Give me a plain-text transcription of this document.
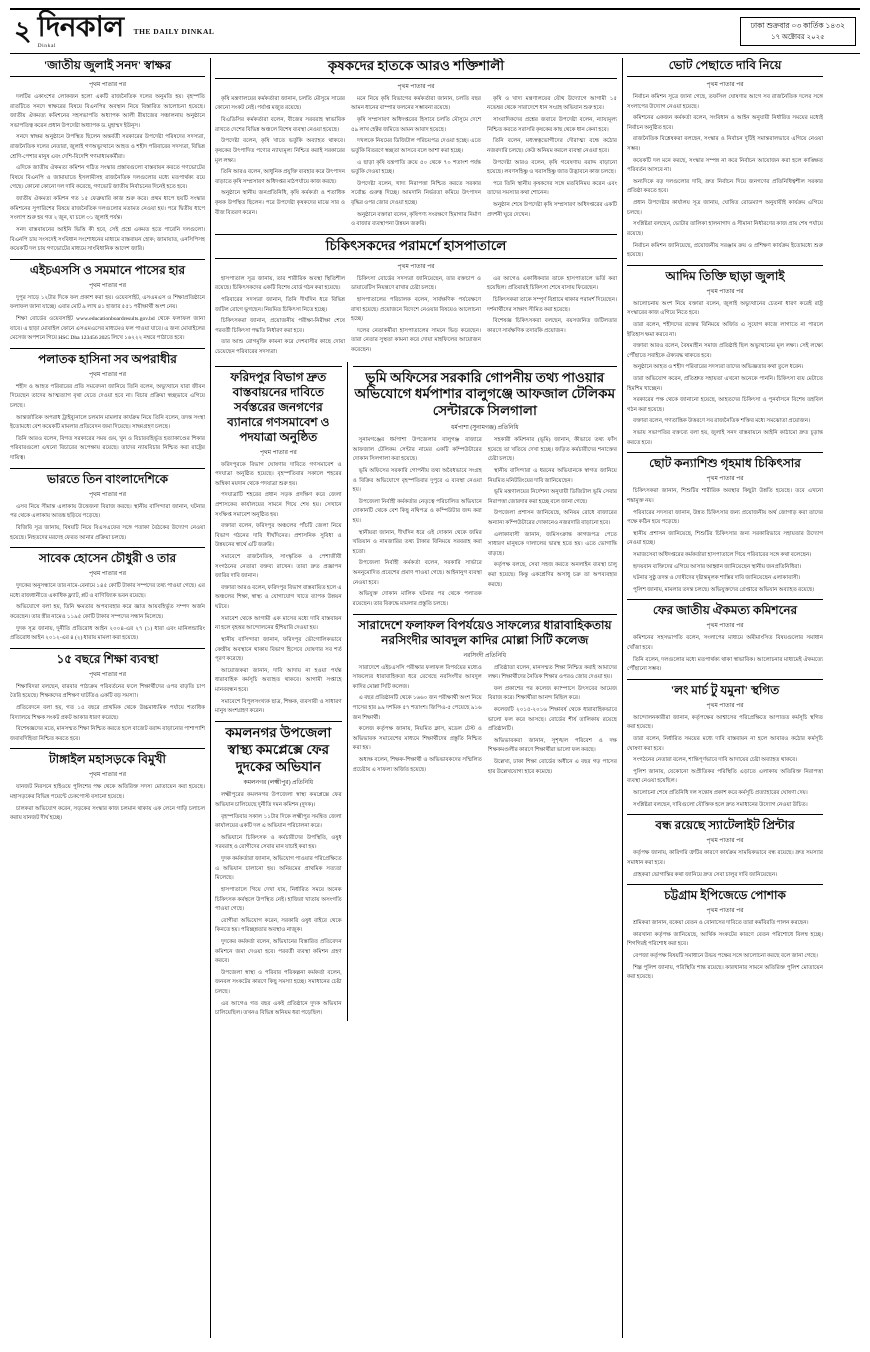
২ দিনকাল
Dinkal
THE DAILY DINKAL
ঢাকা শুক্রবার ০৩ কার্তিক ১৪৩২
১৭ অক্টোবর ২০২৫
'জাতীয় জুলাই সনদ' স্বাক্ষর
পৃথম পাতার পর

দলটির একাংশের লোকজন হলো একটি রাজনৈতিক দলের অনুমতি হয়। বৃহস্পতি রাতটিতে সনদে স্বাক্ষরের বিষয়ে বিএনপির অবস্থান নিয়ে বিস্তারিত আলোচনা হয়েছে। জাতীয় ঐকমত্য কমিশনের সহসভাপতি অধ্যাপক আলী রীয়াজের সঞ্চালনায় অনুষ্ঠানে সভাপতিত্ব করেন প্রধান উপদেষ্টা অধ্যাপক ড. মুহাম্মদ ইউনূস।

সনদে স্বাক্ষর অনুষ্ঠানে উপস্থিত ছিলেন অন্তর্বর্তী সরকারের উপদেষ্টা পরিষদের সদস্যরা, রাজনৈতিক দলের নেতারা, জুলাই গণঅভ্যুত্থানে আহত ও শহীদ পরিবারের সদস্যরা, বিভিন্ন শ্রেণি-পেশার মানুষ এবং দেশি-বিদেশি গণমাধ্যমকর্মীরা।

এদিকে জাতীয় ঐকমত্য কমিশন গঠিত সংস্কার প্রস্তাবগুলো বাস্তবায়ন করতে গণভোটের বিষয়ে বিএনপি ও জামায়াতে ইসলামীসহ রাজনৈতিক দলগুলোর মধ্যে মতপার্থক্য রয়ে গেছে। কোনো কোনো দল দাবি করেছে, গণভোট জাতীয় নির্বাচনের দিনেই হতে হবে।

জাতীয় ঐকমত্য কমিশন গত ১৫ ফেব্রুয়ারি কাজ শুরু করে। প্রথম ধাপে ছয়টি সংস্কার কমিশনের সুপারিশের বিষয়ে রাজনৈতিক দলগুলোর মতামত নেওয়া হয়। পরে দ্বিতীয় ধাপে সংলাপ শুরু হয় গত ২ জুন, যা চলে ৩১ জুলাই পর্যন্ত।

সনদ বাস্তবায়নের আইনি ভিত্তি কী হবে, সেই প্রশ্নে একমত হতে পারেনি দলগুলো। বিএনপি চায় সংসদেই সংবিধান সংশোধনের মাধ্যমে বাস্তবায়ন হোক; জামায়াত, এনসিপিসহ কয়েকটি দল চায় গণভোটের মাধ্যমে সাংবিধানিক আদেশ জারি।

এইচএসসি ও সমমানে পাসের হার
পৃথম পাতার পর

দুপুর সাড়ে ১২টার দিকে ফল প্রকাশ করা হয়। ওয়েবসাইট, এসএমএস ও শিক্ষাপ্রতিষ্ঠানে ফলাফল জানা যাচ্ছে। এবার মোট ৯ লাখ ৪১ হাজার ৫৫১ পরীক্ষার্থী অংশ নেয়।

শিক্ষা বোর্ডের ওয়েবসাইট www.educationboardresults.gov.bd থেকে ফলাফল জানা যাবে। এ ছাড়া মোবাইল ফোনে এসএমএসের মাধ্যমেও ফল পাওয়া যাবে। এ জন্য মোবাইলের মেসেজ অপশনে গিয়ে HSC Dha 123456 2025 লিখে ১৬২২২ নম্বরে পাঠাতে হবে।

পলাতক হাসিনা সব অপরাধীর
পৃথম পাতার পর

শহীদ ও আহত পরিবারের প্রতি সমবেদনা জানিয়ে তিনি বলেন, অভ্যুত্থানে যারা জীবন দিয়েছেন তাদের আত্মত্যাগ বৃথা যেতে দেওয়া হবে না। বিচার প্রক্রিয়া স্বচ্ছভাবে এগিয়ে চলছে।

আন্তর্জাতিক অপরাধ ট্রাইব্যুনালে চলমান মামলার কার্যক্রম নিয়ে তিনি বলেন, তদন্ত সংস্থা ইতোমধ্যে বেশ কয়েকটি মামলার প্রতিবেদন জমা দিয়েছে। সাক্ষ্যগ্রহণ চলছে।

তিনি আরও বলেন, বিগত সরকারের সময় গুম, খুন ও বিচারবহির্ভূত হত্যাকাণ্ডের শিকার পরিবারগুলো এখনো বিচারের অপেক্ষায় রয়েছে। তাদের ন্যায়বিচার নিশ্চিত করা রাষ্ট্রের দায়িত্ব।

ভারতে তিন বাংলাদেশিকে
পৃথম পাতার পর

এসব নিয়ে সীমান্ত এলাকায় উত্তেজনা বিরাজ করছে। স্থানীয় বাসিন্দারা জানান, ঘটনার পর থেকে এলাকায় আতঙ্ক ছড়িয়ে পড়েছে।

বিজিবি সূত্র জানায়, বিষয়টি নিয়ে বিএসএফের সঙ্গে পতাকা বৈঠকের উদ্যোগ নেওয়া হয়েছে। নিহতদের মরদেহ ফেরত আনার প্রক্রিয়া চলছে।

সাবেক হোসেন চৌধুরী ও তার
পৃথম পাতার পর

দুদকের অনুসন্ধানে তার নামে-বেনামে ১৪৫ কোটি টাকার সম্পদের তথ্য পাওয়া গেছে। এর মধ্যে রাজধানীতে একাধিক ফ্ল্যাট, প্লট ও বাণিজ্যিক ভবন রয়েছে।

অভিযোগে বলা হয়, তিনি ক্ষমতার অপব্যবহার করে জ্ঞাত আয়বহির্ভূত সম্পদ অর্জন করেছেন। তার স্ত্রীর নামেও ১১৯৫ কোটি টাকার সম্পদের সন্ধান মিলেছে।

দুদক সূত্র জানায়, দুর্নীতি প্রতিরোধ আইন ২০০৪-এর ২৭ (১) ধারা এবং মানিলন্ডারিং প্রতিরোধ আইন ২০১২-এর ৪ (২) ধারায় মামলা করা হয়েছে।

১৫ বছরে শিক্ষা ব্যবস্থা
পৃথম পাতার পর

শিক্ষাবিদরা বলছেন, বারবার পাঠ্যক্রম পরিবর্তনের ফলে শিক্ষার্থীদের ওপর বাড়তি চাপ তৈরি হয়েছে। শিক্ষকদের প্রশিক্ষণ ঘাটতিও একটি বড় সমস্যা।

প্রতিবেদনে বলা হয়, গত ১৫ বছরে প্রাথমিক থেকে উচ্চমাধ্যমিক পর্যায়ে শতাধিক বিদ্যালয়ে শিক্ষক সংকট প্রকট আকার ধারণ করেছে।

বিশেষজ্ঞদের মতে, মানসম্মত শিক্ষা নিশ্চিত করতে হলে বাজেট বরাদ্দ বাড়ানোর পাশাপাশি জবাবদিহিতা নিশ্চিত করতে হবে।

টাঙ্গাইল মহাসড়কে বিমুখী
পৃথম পাতার পর

যানজট নিরসনে হাইওয়ে পুলিশের পক্ষ থেকে অতিরিক্ত সদস্য মোতায়েন করা হয়েছে। মহাসড়কের বিভিন্ন পয়েন্টে চেকপোস্ট বসানো হয়েছে।

চালকরা অভিযোগ করেন, সড়কের সংস্কার কাজ চলমান থাকায় এক লেনে গাড়ি চলাচল করায় যানজট দীর্ঘ হচ্ছে।

কৃষকদের হাতকে আরও শক্তিশালী
পৃথম পাতার পর

কৃষি মন্ত্রণালয়ের কর্মকর্তারা জানান, চলতি মৌসুমে সারের কোনো সংকট নেই। পর্যাপ্ত মজুত রয়েছে।

বিএডিসির কর্মকর্তারা বলেন, বীজের সরবরাহ স্বাভাবিক রাখতে দেশের বিভিন্ন অঞ্চলে বিশেষ ব্যবস্থা নেওয়া হয়েছে।

উপদেষ্টা বলেন, কৃষি খাতে ভর্তুকি অব্যাহত থাকবে। কৃষকের উৎপাদিত পণ্যের ন্যায্যমূল্য নিশ্চিত করাই সরকারের মূল লক্ষ্য।

তিনি আরও বলেন, আধুনিক প্রযুক্তি ব্যবহার করে উৎপাদন বাড়াতে কৃষি সম্প্রসারণ অধিদপ্তর মাঠপর্যায়ে কাজ করছে।

অনুষ্ঠানে স্থানীয় জনপ্রতিনিধি, কৃষি কর্মকর্তা ও শতাধিক কৃষক উপস্থিত ছিলেন। পরে উপদেষ্টা কৃষকদের মাঝে সার ও বীজ বিতরণ করেন।

মনে নিয়ে কৃষি বিভাগের কর্মকর্তারা জানান, চলতি বছর আমন ধানের বাম্পার ফলনের সম্ভাবনা রয়েছে।

কৃষি সম্প্রসারণ অধিদপ্তরের হিসাবে চলতি মৌসুমে দেশে ৫৯ লাখ হেক্টর জমিতে আমন আবাদ হয়েছে।

দখলকে নিয়মের ডিজিটাল পরিচয়পত্র দেওয়া হচ্ছে। এতে ভর্তুকি বিতরণে স্বচ্ছতা আসবে বলে আশা করা হচ্ছে।

এ ছাড়া কৃষি যন্ত্রপাতি ক্রয়ে ৫০ থেকে ৭০ শতাংশ পর্যন্ত ভর্তুকি দেওয়া হচ্ছে।

উপদেষ্টা বলেন, খাদ্য নিরাপত্তা নিশ্চিত করতে সরকার সর্বোচ্চ গুরুত্ব দিচ্ছে। আমদানি নির্ভরতা কমিয়ে উৎপাদন বৃদ্ধির ওপর জোর দেওয়া হচ্ছে।

অনুষ্ঠানে বক্তারা বলেন, কৃষিপণ্য সংরক্ষণে হিমাগার নির্মাণ ও বাজার ব্যবস্থাপনা উন্নয়ন জরুরি।

কৃষি ও খাদ্য মন্ত্রণালয়ের যৌথ উদ্যোগে আগামী ১৫ নভেম্বর থেকে সারাদেশে ধান সংগ্রহ অভিযান শুরু হবে।

সাংবাদিকদের প্রশ্নের জবাবে উপদেষ্টা বলেন, ন্যায্যমূল্য নিশ্চিত করতে সরাসরি কৃষকের কাছ থেকে ধান কেনা হবে।

তিনি বলেন, মধ্যস্বত্বভোগীদের দৌরাত্ম্য বন্ধে কঠোর নজরদারি চলছে। কেউ অনিয়ম করলে ব্যবস্থা নেওয়া হবে।

উপদেষ্টা আরও বলেন, কৃষি গবেষণায় বরাদ্দ বাড়ানো হয়েছে। লবণসহিষ্ণু ও খরাসহিষ্ণু জাত উদ্ভাবনে কাজ চলছে।

পরে তিনি স্থানীয় কৃষকদের সঙ্গে মতবিনিময় করেন এবং তাদের সমস্যার কথা শোনেন।

অনুষ্ঠান শেষে উপদেষ্টা কৃষি সম্প্রসারণ অধিদপ্তরের একটি প্রদর্শনী ঘুরে দেখেন।

চিকিৎসকদের পরামর্শে হাসপাতালে
পৃথম পাতার পর

হাসপাতাল সূত্র জানায়, তার শারীরিক অবস্থা স্থিতিশীল রয়েছে। চিকিৎসকদের একটি বিশেষ বোর্ড গঠন করা হয়েছে।

পরিবারের সদস্যরা জানান, তিনি দীর্ঘদিন ধরে বিভিন্ন জটিল রোগে ভুগছেন। নিয়মিত চিকিৎসা নিতে হচ্ছে।

চিকিৎসকরা জানান, প্রয়োজনীয় পরীক্ষা-নিরীক্ষা শেষে পরবর্তী চিকিৎসা পদ্ধতি নির্ধারণ করা হবে।

তার আশু রোগমুক্তি কামনা করে দেশবাসীর কাছে দোয়া চেয়েছেন পরিবারের সদস্যরা।

চিকিৎসা বোর্ডের সদস্যরা জানিয়েছেন, তার রক্তচাপ ও ডায়াবেটিস নিয়ন্ত্রণে রাখার চেষ্টা চলছে।

হাসপাতালের পরিচালক বলেন, সার্বক্ষণিক পর্যবেক্ষণে রাখা হয়েছে। প্রয়োজনে বিদেশে নেওয়ার বিষয়েও আলোচনা হচ্ছে।

দলের নেতাকর্মীরা হাসপাতালের সামনে ভিড় করেছেন। তারা নেতার সুস্থতা কামনা করে দোয়া মাহফিলের আয়োজন করেছেন।

এর আগেও একাধিকবার তাকে হাসপাতালে ভর্তি করা হয়েছিল। প্রতিবারই চিকিৎসা শেষে বাসায় ফিরেছেন।

চিকিৎসকরা তাকে সম্পূর্ণ বিশ্রামে থাকার পরামর্শ দিয়েছেন। দর্শনার্থীদের সাক্ষাৎ সীমিত করা হয়েছে।

বিশেষজ্ঞ চিকিৎসকরা বলছেন, বয়সজনিত জটিলতার কারণে সার্বক্ষণিক তদারকি প্রয়োজন।

ফরিদপুর বিভাগ দ্রুত বাস্তবায়নের দাবিতে সর্বস্তরের জনগণের ব্যানারে গণসমাবেশ ও পদযাত্রা অনুষ্ঠিত
পৃথম পাতার পর

ফরিদপুরকে বিভাগ ঘোষণার দাবিতে গণসমাবেশ ও পদযাত্রা অনুষ্ঠিত হয়েছে। বৃহস্পতিবার সকালে শহরের অম্বিকা ময়দান থেকে পদযাত্রা শুরু হয়।

পদযাত্রাটি শহরের প্রধান সড়ক প্রদক্ষিণ করে জেলা প্রশাসকের কার্যালয়ের সামনে গিয়ে শেষ হয়। সেখানে সংক্ষিপ্ত সমাবেশ অনুষ্ঠিত হয়।

বক্তারা বলেন, ফরিদপুর অঞ্চলের পাঁচটি জেলা নিয়ে বিভাগ গঠনের দাবি দীর্ঘদিনের। প্রশাসনিক সুবিধা ও উন্নয়নের স্বার্থে এটি জরুরি।

সমাবেশে রাজনৈতিক, সাংস্কৃতিক ও পেশাজীবী সংগঠনের নেতারা বক্তব্য রাখেন। তারা দ্রুত প্রজ্ঞাপন জারির দাবি জানান।

বক্তারা আরও বলেন, ফরিদপুর বিভাগ বাস্তবায়িত হলে এ অঞ্চলের শিক্ষা, স্বাস্থ্য ও যোগাযোগ খাতে ব্যাপক উন্নয়ন ঘটবে।

সমাবেশ থেকে আগামী এক মাসের মধ্যে দাবি বাস্তবায়ন না হলে বৃহত্তর আন্দোলনের হুঁশিয়ারি দেওয়া হয়।

স্থানীয় বাসিন্দারা জানান, ফরিদপুর ভৌগোলিকভাবে কেন্দ্রীয় অবস্থানে থাকায় বিভাগ হিসেবে ঘোষণার সব শর্ত পূরণ করেছে।

আয়োজকরা জানান, দাবি আদায় না হওয়া পর্যন্ত ধারাবাহিক কর্মসূচি অব্যাহত থাকবে। আগামী সপ্তাহে মানববন্ধন হবে।

সমাবেশে বিপুলসংখ্যক ছাত্র, শিক্ষক, ব্যবসায়ী ও সাধারণ মানুষ অংশগ্রহণ করেন।

কমলনগর উপজেলা স্বাস্থ্য কমপ্লেক্সে ফের দুদকের অভিযান
কমলনগর (লক্ষ্মীপুর) প্রতিনিধি

লক্ষ্মীপুরের কমলনগর উপজেলা স্বাস্থ্য কমপ্লেক্সে ফের অভিযান চালিয়েছে দুর্নীতি দমন কমিশন (দুদক)।

বৃহস্পতিবার সকাল ১১টার দিকে লক্ষ্মীপুর সমন্বিত জেলা কার্যালয়ের একটি দল এ অভিযান পরিচালনা করে।

অভিযানে চিকিৎসক ও কর্মচারীদের উপস্থিতি, ওষুধ সরবরাহ ও রোগীদের সেবার মান যাচাই করা হয়।

দুদক কর্মকর্তারা জানান, অভিযোগ পাওয়ার পরিপ্রেক্ষিতে এ অভিযান চালানো হয়। অনিয়মের প্রাথমিক সত্যতা মিলেছে।

হাসপাতালে গিয়ে দেখা যায়, নির্ধারিত সময়ে অনেক চিকিৎসক কর্মস্থলে উপস্থিত নেই। হাজিরা খাতায় অসংগতি পাওয়া গেছে।

রোগীরা অভিযোগ করেন, সরকারি ওষুধ বাইরে থেকে কিনতে হয়। পরিচ্ছন্নতার অবস্থাও নাজুক।

দুদকের কর্মকর্তা বলেন, অভিযানের বিস্তারিত প্রতিবেদন কমিশনে জমা দেওয়া হবে। পরবর্তী ব্যবস্থা কমিশন গ্রহণ করবে।

উপজেলা স্বাস্থ্য ও পরিবার পরিকল্পনা কর্মকর্তা বলেন, জনবল সংকটের কারণে কিছু সমস্যা হচ্ছে। সমাধানের চেষ্টা চলছে।

এর আগেও গত বছর একই প্রতিষ্ঠানে দুদক অভিযান চালিয়েছিল। তখনও বিভিন্ন অনিয়ম ধরা পড়েছিল।

ভূমি অফিসের সরকারি গোপনীয় তথ্য পাওয়ার অভিযোগে ধর্মপাশার বালুগঞ্জে আফজাল টেলিকম সেন্টারকে সিলগালা
ধর্মপাশা (সুনামগঞ্জ) প্রতিনিধি

সুনামগঞ্জের ধর্মপাশা উপজেলার বালুগঞ্জ বাজারে আফজাল টেলিকম সেন্টার নামের একটি কম্পিউটারের দোকান সিলগালা করা হয়েছে।

ভূমি অফিসের সরকারি গোপনীয় তথ্য অবৈধভাবে সংগ্রহ ও বিক্রির অভিযোগে বৃহস্পতিবার দুপুরে এ ব্যবস্থা নেওয়া হয়।

উপজেলা নির্বাহী কর্মকর্তার নেতৃত্বে পরিচালিত অভিযানে দোকানটি থেকে বেশ কিছু নথিপত্র ও কম্পিউটার জব্দ করা হয়।

স্থানীয়রা জানান, দীর্ঘদিন ধরে ওই দোকান থেকে জমির খতিয়ান ও নামজারির তথ্য টাকার বিনিময়ে সরবরাহ করা হতো।

উপজেলা নির্বাহী কর্মকর্তা বলেন, সরকারি সার্ভারে অননুমোদিত প্রবেশের প্রমাণ পাওয়া গেছে। আইনানুগ ব্যবস্থা নেওয়া হবে।

অভিযুক্ত দোকান মালিক ঘটনার পর থেকে পলাতক রয়েছেন। তার বিরুদ্ধে মামলার প্রস্তুতি চলছে।

সহকারী কমিশনার (ভূমি) জানান, কীভাবে তথ্য ফাঁস হয়েছে তা খতিয়ে দেখা হচ্ছে। জড়িত কর্মচারীদের শনাক্তের চেষ্টা চলছে।

স্থানীয় বাসিন্দারা এ ধরনের অভিযানকে স্বাগত জানিয়ে নিয়মিত মনিটরিংয়ের দাবি জানিয়েছেন।

ভূমি মন্ত্রণালয়ের নির্দেশনা অনুযায়ী ডিজিটাল ভূমি সেবার নিরাপত্তা জোরদার করা হচ্ছে বলে জানা গেছে।

উপজেলা প্রশাসন জানিয়েছে, অনিয়ম রোধে বাজারের অন্যান্য কম্পিউটারের দোকানেও নজরদারি বাড়ানো হবে।

এলাকাবাসী জানান, জমিসংক্রান্ত কাগজপত্র পেতে সাধারণ মানুষকে দালালের দ্বারস্থ হতে হয়। এতে ভোগান্তি বাড়ছে।

কর্তৃপক্ষ বলছে, সেবা সহজ করতে অনলাইন ব্যবস্থা চালু করা হয়েছে। কিন্তু একশ্রেণির অসাধু চক্র তা অপব্যবহার করছে।

সারাদেশে ফলাফল বিপর্যয়েও সাফল্যের ধারাবাহিকতায় নরসিংদীর আবদুল কাদির মোল্লা সিটি কলেজ
নরসিংদী প্রতিনিধি

সারাদেশে এইচএসসি পরীক্ষার ফলাফল বিপর্যয়ের মধ্যেও সাফল্যের ধারাবাহিকতা ধরে রেখেছে নরসিংদীর আবদুল কাদির মোল্লা সিটি কলেজ।

এ বছর প্রতিষ্ঠানটি থেকে ১৬৬০ জন পরীক্ষার্থী অংশ নিয়ে পাসের হার ৯৯ দশমিক ৫৭ শতাংশ। জিপিএ-৫ পেয়েছে ৯১৬ জন শিক্ষার্থী।

কলেজ কর্তৃপক্ষ জানায়, নিয়মিত ক্লাস, মডেল টেস্ট ও অভিভাবক সমাবেশের মাধ্যমে শিক্ষার্থীদের প্রস্তুতি নিশ্চিত করা হয়।

অধ্যক্ষ বলেন, শিক্ষক-শিক্ষার্থী ও অভিভাবকদের সম্মিলিত প্রচেষ্টায় এ সাফল্য অর্জিত হয়েছে।

প্রতিষ্ঠাতা বলেন, মানসম্মত শিক্ষা নিশ্চিত করাই আমাদের লক্ষ্য। শিক্ষার্থীদের নৈতিক শিক্ষার ওপরও জোর দেওয়া হয়।

ফল প্রকাশের পর কলেজ ক্যাম্পাসে উৎসবের আমেজ বিরাজ করে। শিক্ষার্থীরা আনন্দ মিছিল করে।

কলেজটি ২০১৫-২০১৬ শিক্ষাবর্ষ থেকে ধারাবাহিকভাবে ভালো ফল করে আসছে। বোর্ডের শীর্ষ তালিকায় রয়েছে প্রতিষ্ঠানটি।

অভিভাবকরা জানান, সুশৃঙ্খল পরিবেশ ও দক্ষ শিক্ষকমণ্ডলীর কারণে শিক্ষার্থীরা ভালো ফল করছে।

উল্লেখ্য, ঢাকা শিক্ষা বোর্ডের অধীনে এ বছর গড় পাসের হার উল্লেখযোগ্য হারে কমেছে।

ভোট পেছাতে দাবি নিয়ে
পৃথম পাতার পর

নির্বাচন কমিশন সূত্রে জানা গেছে, তফসিল ঘোষণার আগে সব রাজনৈতিক দলের সঙ্গে সংলাপের উদ্যোগ নেওয়া হয়েছে।

কমিশনের একজন কর্মকর্তা বলেন, সংবিধান ও আইন অনুযায়ী নির্ধারিত সময়ের মধ্যেই নির্বাচন অনুষ্ঠিত হবে।

রাজনৈতিক বিশ্লেষকরা বলছেন, সংস্কার ও নির্বাচন দুটিই সমান্তরালভাবে এগিয়ে নেওয়া সম্ভব।

কয়েকটি দল মনে করছে, সংস্কার সম্পন্ন না করে নির্বাচন আয়োজন করা হলে কাঙ্ক্ষিত পরিবর্তন আসবে না।

অন্যদিকে বড় দলগুলোর দাবি, দ্রুত নির্বাচন দিয়ে জনগণের প্রতিনিধিত্বশীল সরকার প্রতিষ্ঠা করতে হবে।

প্রধান উপদেষ্টার কার্যালয় সূত্র জানায়, ঘোষিত রোডম্যাপ অনুযায়ীই কার্যক্রম এগিয়ে চলছে।

সংশ্লিষ্টরা বলছেন, ভোটার তালিকা হালনাগাদ ও সীমানা নির্ধারণের কাজ প্রায় শেষ পর্যায়ে রয়েছে।

নির্বাচন কমিশন জানিয়েছে, প্রয়োজনীয় সরঞ্জাম ক্রয় ও প্রশিক্ষণ কার্যক্রম ইতোমধ্যে শুরু হয়েছে।

আদিম তিক্তি ছাড়া জুলাই
পৃথম পাতার পর

আলোচনায় অংশ নিয়ে বক্তারা বলেন, জুলাই অভ্যুত্থানের চেতনা ধারণ করেই রাষ্ট্র সংস্কারের কাজ এগিয়ে নিতে হবে।

তারা বলেন, শহীদদের রক্তের বিনিময়ে অর্জিত এ সুযোগ কাজে লাগাতে না পারলে ইতিহাস ক্ষমা করবে না।

বক্তারা আরও বলেন, বৈষম্যহীন সমাজ প্রতিষ্ঠাই ছিল অভ্যুত্থানের মূল লক্ষ্য। সেই লক্ষ্যে পৌঁছাতে সবাইকে ঐক্যবদ্ধ থাকতে হবে।

অনুষ্ঠানে আহত ও শহীদ পরিবারের সদস্যরা তাদের অভিজ্ঞতার কথা তুলে ধরেন।

তারা অভিযোগ করেন, প্রতিশ্রুত সহায়তা এখনো অনেকে পাননি। চিকিৎসা ব্যয় মেটাতে হিমশিম খাচ্ছেন।

সরকারের পক্ষ থেকে জানানো হয়েছে, আহতদের চিকিৎসা ও পুনর্বাসনে বিশেষ তহবিল গঠন করা হয়েছে।

বক্তারা বলেন, গণতান্ত্রিক উত্তরণে সব রাজনৈতিক শক্তির মধ্যে সমঝোতা প্রয়োজন।

সভায় সভাপতির বক্তব্যে বলা হয়, জুলাই সনদ বাস্তবায়নে আইনি কাঠামো দ্রুত চূড়ান্ত করতে হবে।

ছোট কন্যাশিশু গৃহমাধ চিকিৎসার
পৃথম পাতার পর

চিকিৎসকরা জানান, শিশুটির শারীরিক অবস্থার কিছুটা উন্নতি হয়েছে। তবে এখনো শঙ্কামুক্ত নয়।

পরিবারের সদস্যরা জানান, উন্নত চিকিৎসার জন্য প্রয়োজনীয় অর্থ জোগাড় করা তাদের পক্ষে কঠিন হয়ে পড়েছে।

স্থানীয় প্রশাসন জানিয়েছে, শিশুটির চিকিৎসার জন্য সরকারিভাবে সহায়তার উদ্যোগ নেওয়া হচ্ছে।

সমাজসেবা অধিদপ্তরের কর্মকর্তারা হাসপাতালে গিয়ে পরিবারের সঙ্গে কথা বলেছেন।

হৃদয়বান ব্যক্তিদের এগিয়ে আসার আহ্বান জানিয়েছেন স্থানীয় জনপ্রতিনিধিরা।

ঘটনার সুষ্ঠু তদন্ত ও দোষীদের দৃষ্টান্তমূলক শাস্তির দাবি জানিয়েছেন এলাকাবাসী।

পুলিশ জানায়, মামলার তদন্ত চলছে। অভিযুক্তদের গ্রেপ্তারে অভিযান অব্যাহত রয়েছে।

ফের জাতীয় ঐকমত্য কমিশনের
পৃথম পাতার পর

কমিশনের সহসভাপতি বলেন, সংলাপের মাধ্যমে অমীমাংসিত বিষয়গুলোর সমাধান খোঁজা হবে।

তিনি বলেন, দলগুলোর মধ্যে মতপার্থক্য থাকা স্বাভাবিক। আলোচনার মাধ্যমেই ঐকমত্যে পৌঁছানো সম্ভব।

'লং মার্চ টু যমুনা' স্থগিত
পৃথম পাতার পর

আন্দোলনকারীরা জানান, কর্তৃপক্ষের আশ্বাসের পরিপ্রেক্ষিতে আপাতত কর্মসূচি স্থগিত করা হয়েছে।

তারা বলেন, নির্ধারিত সময়ের মধ্যে দাবি বাস্তবায়ন না হলে আবারও কঠোর কর্মসূচি ঘোষণা করা হবে।

সংগঠনের নেতারা বলেন, শান্তিপূর্ণভাবে দাবি আদায়ের চেষ্টা অব্যাহত থাকবে।

পুলিশ জানায়, যেকোনো অপ্রীতিকর পরিস্থিতি এড়াতে এলাকায় অতিরিক্ত নিরাপত্তা ব্যবস্থা নেওয়া হয়েছিল।

আলোচনা শেষে প্রতিনিধি দল সন্তোষ প্রকাশ করে কর্মসূচি প্রত্যাহারের ঘোষণা দেয়।

সংশ্লিষ্টরা বলছেন, দাবিগুলো যৌক্তিক হলে দ্রুত সমাধানের উদ্যোগ নেওয়া উচিত।

বন্ধ রয়েছে স্যাটেলাইট প্রিন্টার
পৃথম পাতার পর

কর্তৃপক্ষ জানায়, কারিগরি ত্রুটির কারণে কার্যক্রম সাময়িকভাবে বন্ধ রয়েছে। দ্রুত সমস্যার সমাধান করা হবে।

গ্রাহকরা ভোগান্তির কথা জানিয়ে দ্রুত সেবা চালুর দাবি জানিয়েছেন।

চট্টগ্রাম ইপিজেডে পোশাক
পৃথম পাতার পর

শ্রমিকরা জানান, বকেয়া বেতন ও বোনাসের দাবিতে তারা কর্মবিরতি পালন করছেন।

কারখানা কর্তৃপক্ষ জানিয়েছে, আর্থিক সংকটের কারণে বেতন পরিশোধে বিলম্ব হচ্ছে। শিগগিরই পরিশোধ করা হবে।

বেপজা কর্তৃপক্ষ বিষয়টি সমাধানে উভয় পক্ষের সঙ্গে আলোচনা করছে বলে জানা গেছে।

শিল্প পুলিশ জানায়, পরিস্থিতি শান্ত রয়েছে। কারখানার সামনে অতিরিক্ত পুলিশ মোতায়েন করা হয়েছে।
